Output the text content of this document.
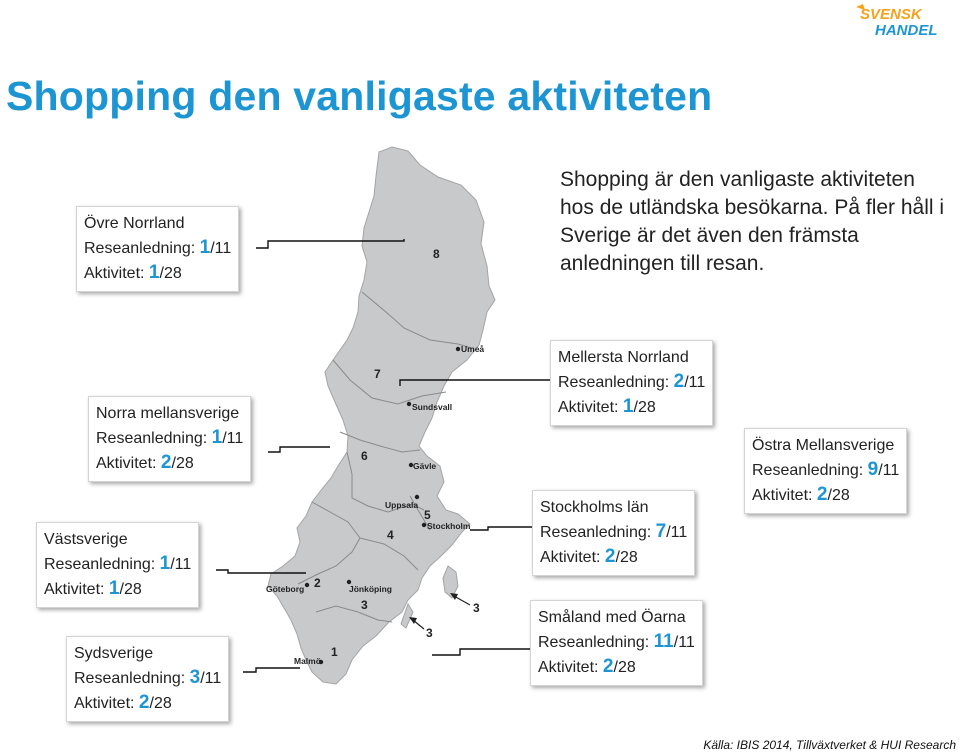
SVENSK
HANDEL
Shopping den vanligaste aktiviteten

Shopping är den vanligaste aktiviteten hos de utländska besökarna. På fler håll i Sverige är det även den främsta anledningen till resan.

Umeå
Sundsvall
Gävle
Uppsala
Stockholm
Göteborg	Jönköping
Malmö
8
7
6
5
4
2
3
1
3
3
Övre Norrland
Reseanledning: 1/11
Aktivitet: 1/28
Norra mellansverige
Reseanledning: 1/11
Aktivitet: 2/28
Västsverige
Reseanledning: 1/11
Aktivitet: 1/28
Sydsverige
Reseanledning: 3/11
Aktivitet: 2/28
Mellersta Norrland
Reseanledning: 2/11
Aktivitet: 1/28
Östra Mellansverige
Reseanledning: 9/11
Aktivitet: 2/28
Stockholms län
Reseanledning: 7/11
Aktivitet: 2/28
Småland med Öarna
Reseanledning: 11/11
Aktivitet: 2/28
Källa: IBIS 2014, Tillväxtverket & HUI Research
